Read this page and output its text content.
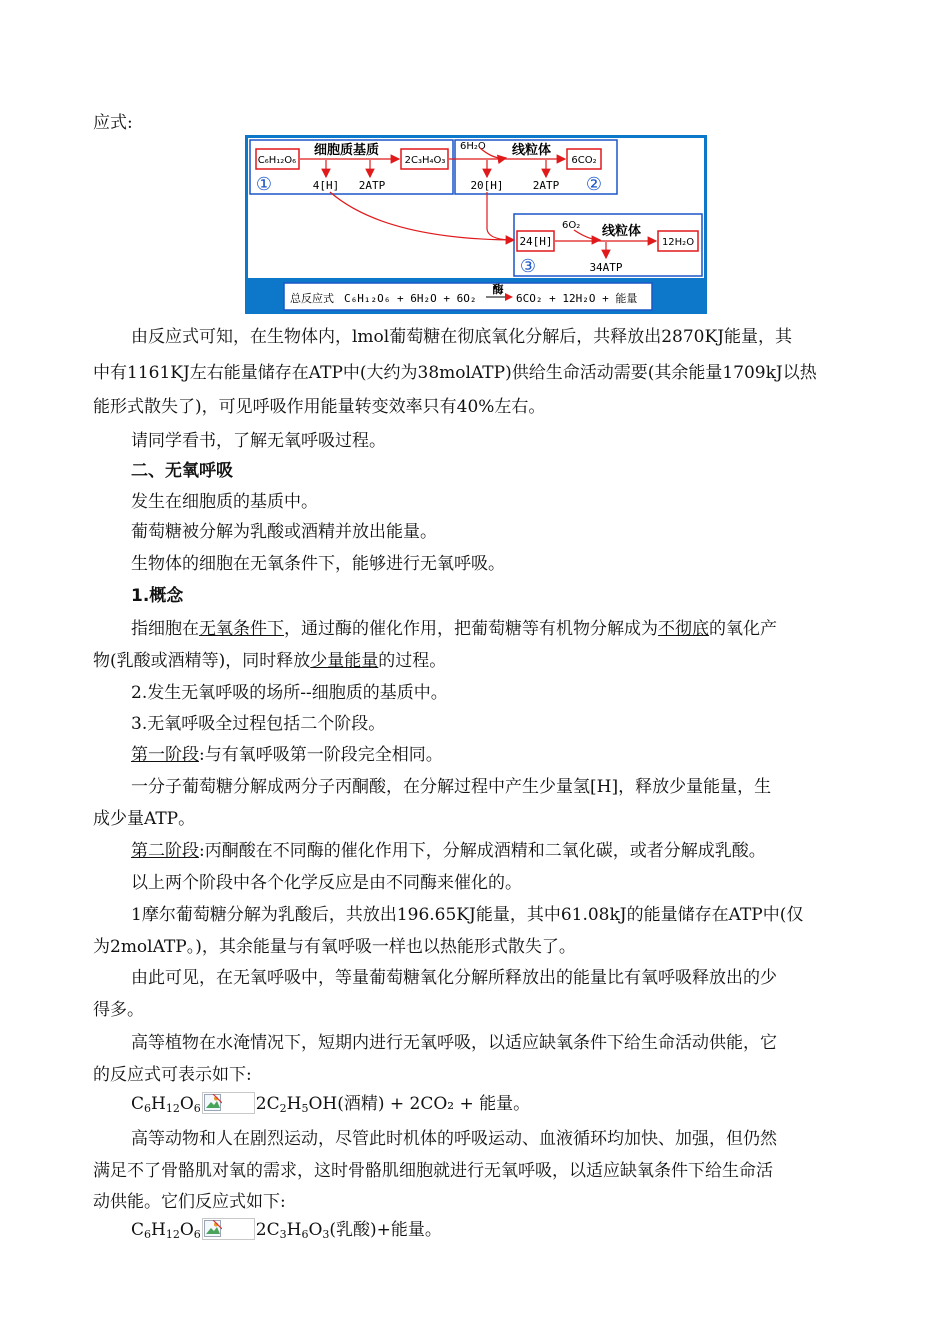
应式:
C₆H₁₂O₆
细胞质基质
2C₃H₄O₃
4[H] 2ATP
①
6H₂O 线粒体
6CO₂
20[H]	2ATP ②
24[H]
6O₂ 线粒体
12H₂O
34ATP
③
总反应式 C₆H₁₂O₆ + 6H₂O + 6O₂
酶
6CO₂ + 12H₂O + 能量
由反应式可知，在生物体内，lmol葡萄糖在彻底氧化分解后，共释放出2870KJ能量，其
中有1161KJ左右能量储存在ATP中(大约为38molATP)供给生命活动需要(其余能量1709kJ以热
能形式散失了)，可见呼吸作用能量转变效率只有40%左右。
请同学看书，了解无氧呼吸过程。
二、无氧呼吸
发生在细胞质的基质中。
葡萄糖被分解为乳酸或酒精并放出能量。
生物体的细胞在无氧条件下，能够进行无氧呼吸。
1.概念
指细胞在无氧条件下，通过酶的催化作用，把葡萄糖等有机物分解成为不彻底的氧化产
物(乳酸或酒精等)，同时释放少量能量的过程。
2.发生无氧呼吸的场所--细胞质的基质中。
3.无氧呼吸全过程包括二个阶段。
第一阶段:与有氧呼吸第一阶段完全相同。
一分子葡萄糖分解成两分子丙酮酸，在分解过程中产生少量氢[H]，释放少量能量，生
成少量ATP。
第二阶段:丙酮酸在不同酶的催化作用下，分解成酒精和二氧化碳，或者分解成乳酸。
以上两个阶段中各个化学反应是由不同酶来催化的。
1摩尔葡萄糖分解为乳酸后，共放出196.65KJ能量，其中61.08kJ的能量储存在ATP中(仅
为2molATP。)，其余能量与有氧呼吸一样也以热能形式散失了。
由此可见，在无氧呼吸中，等量葡萄糖氧化分解所释放出的能量比有氧呼吸释放出的少
得多。
高等植物在水淹情况下，短期内进行无氧呼吸，以适应缺氧条件下给生命活动供能，它
的反应式可表示如下:
$C_6H_{12}O_6$	$2C_2H_5OH$(酒精) + 2CO₂ + 能量。
高等动物和人在剧烈运动，尽管此时机体的呼吸运动、血液循环均加快、加强，但仍然
满足不了骨骼肌对氧的需求，这时骨骼肌细胞就进行无氧呼吸，以适应缺氧条件下给生命活
动供能。它们反应式如下:
$C_6H_{12}O_6$	$2C_3H_6O_3$(乳酸)+能量。
